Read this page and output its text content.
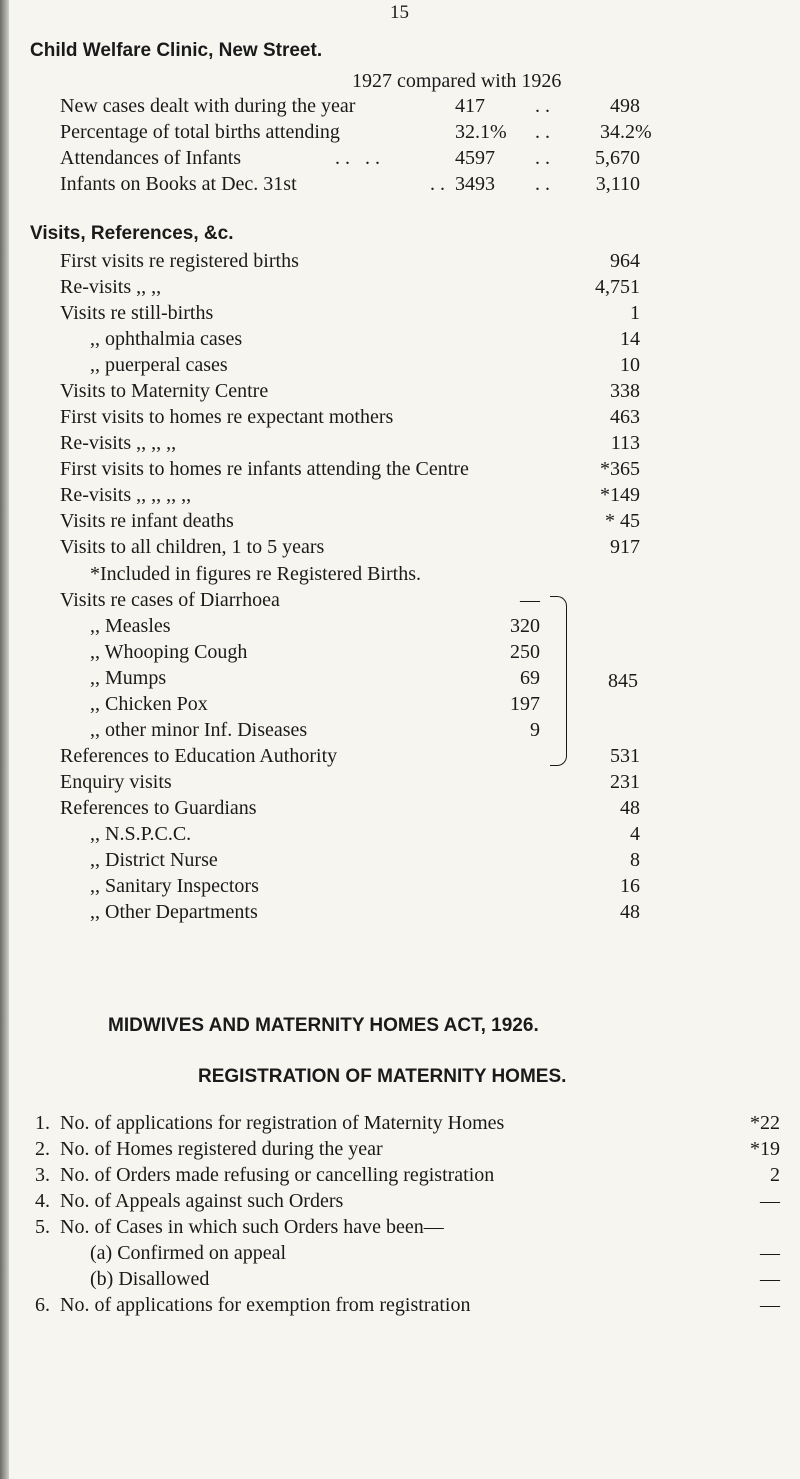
15
Child Welfare Clinic, New Street.
1927 compared with 1926
New cases dealt with during the year	417	. .	498
Percentage of total births attending	32.1% . .	34.2%
Attendances of Infants	. .   . .	4597 . .	5,670
Infants on Books at Dec. 31st	. . 3493 . .	3,110
Visits, References, &c.
First visits re registered births	964
Re-visits ,, ,,	4,751
Visits re still-births	1
,, ophthalmia cases	14
,, puerperal cases	10
Visits to Maternity Centre	338
First visits to homes re expectant mothers	463
Re-visits ,, ,, ,,	113
First visits to homes re infants attending the Centre	*365
Re-visits ,, ,, ,, ,,	*149
Visits re infant deaths	* 45
Visits to all children, 1 to 5 years	917
*Included in figures re Registered Births.
Visits re cases of Diarrhoea	—
,, Measles	320
,, Whooping Cough	250
,, Mumps	69
,, Chicken Pox	197
,, other minor Inf. Diseases	9
845
References to Education Authority	531
Enquiry visits	231
References to Guardians	48
,, N.S.P.C.C.	4
,, District Nurse	8
,, Sanitary Inspectors	16
,, Other Departments	48
MIDWIVES AND MATERNITY HOMES ACT, 1926.
REGISTRATION OF MATERNITY HOMES.
1. No. of applications for registration of Maternity Homes	*22
2. No. of Homes registered during the year	*19
3. No. of Orders made refusing or cancelling registration	2
4. No. of Appeals against such Orders	—
5. No. of Cases in which such Orders have been—
(a) Confirmed on appeal	—
(b) Disallowed	—
6. No. of applications for exemption from registration	—
